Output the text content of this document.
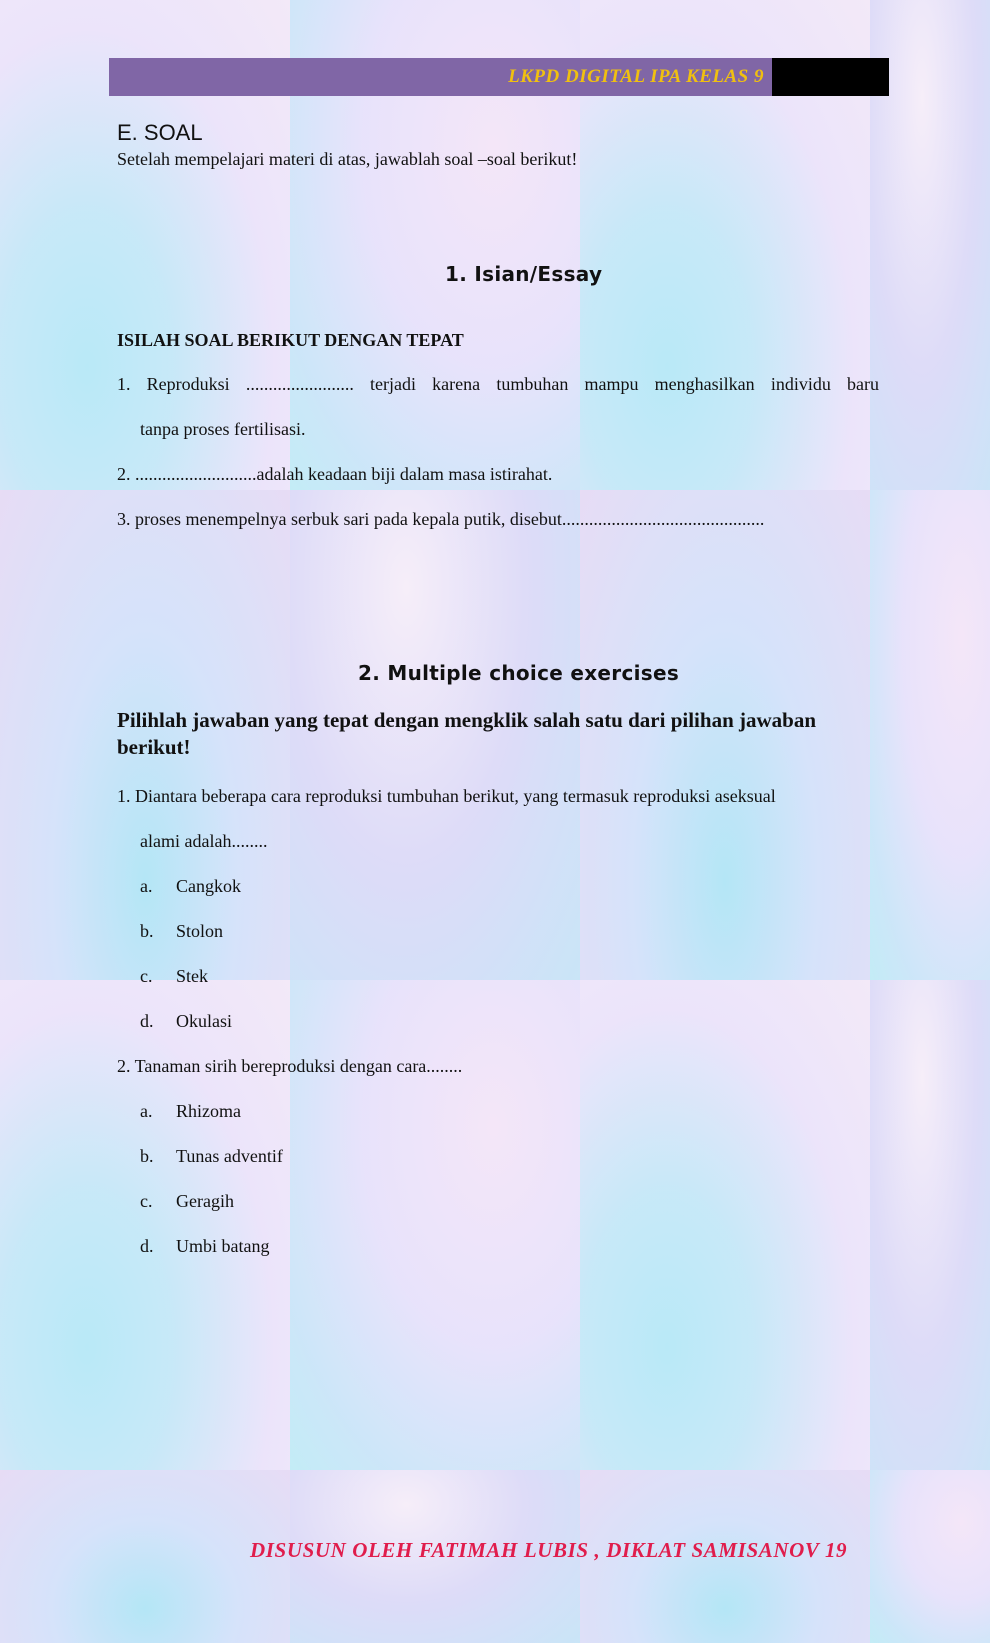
LKPD DIGITAL IPA KELAS 9
E. SOAL
Setelah mempelajari materi di atas, jawablah soal –soal berikut!
1. Isian/Essay
ISILAH SOAL BERIKUT DENGAN TEPAT
1. Reproduksi ........................ terjadi karena tumbuhan mampu menghasilkan individu baru
tanpa proses fertilisasi.
2. ...........................adalah keadaan biji dalam masa istirahat.
3. proses menempelnya serbuk sari pada kepala putik, disebut.............................................
2. Multiple choice exercises
Pilihlah jawaban yang tepat dengan mengklik salah satu dari pilihan jawaban berikut!
1. Diantara beberapa cara reproduksi tumbuhan berikut, yang termasuk reproduksi aseksual
alami adalah........
a.	Cangkok
b.	Stolon
c.	Stek
d.	Okulasi
2. Tanaman sirih bereproduksi dengan cara........
a.	Rhizoma
b.	Tunas adventif
c.	Geragih
d.	Umbi batang
DISUSUN OLEH FATIMAH LUBIS , DIKLAT SAMISANOV 19
